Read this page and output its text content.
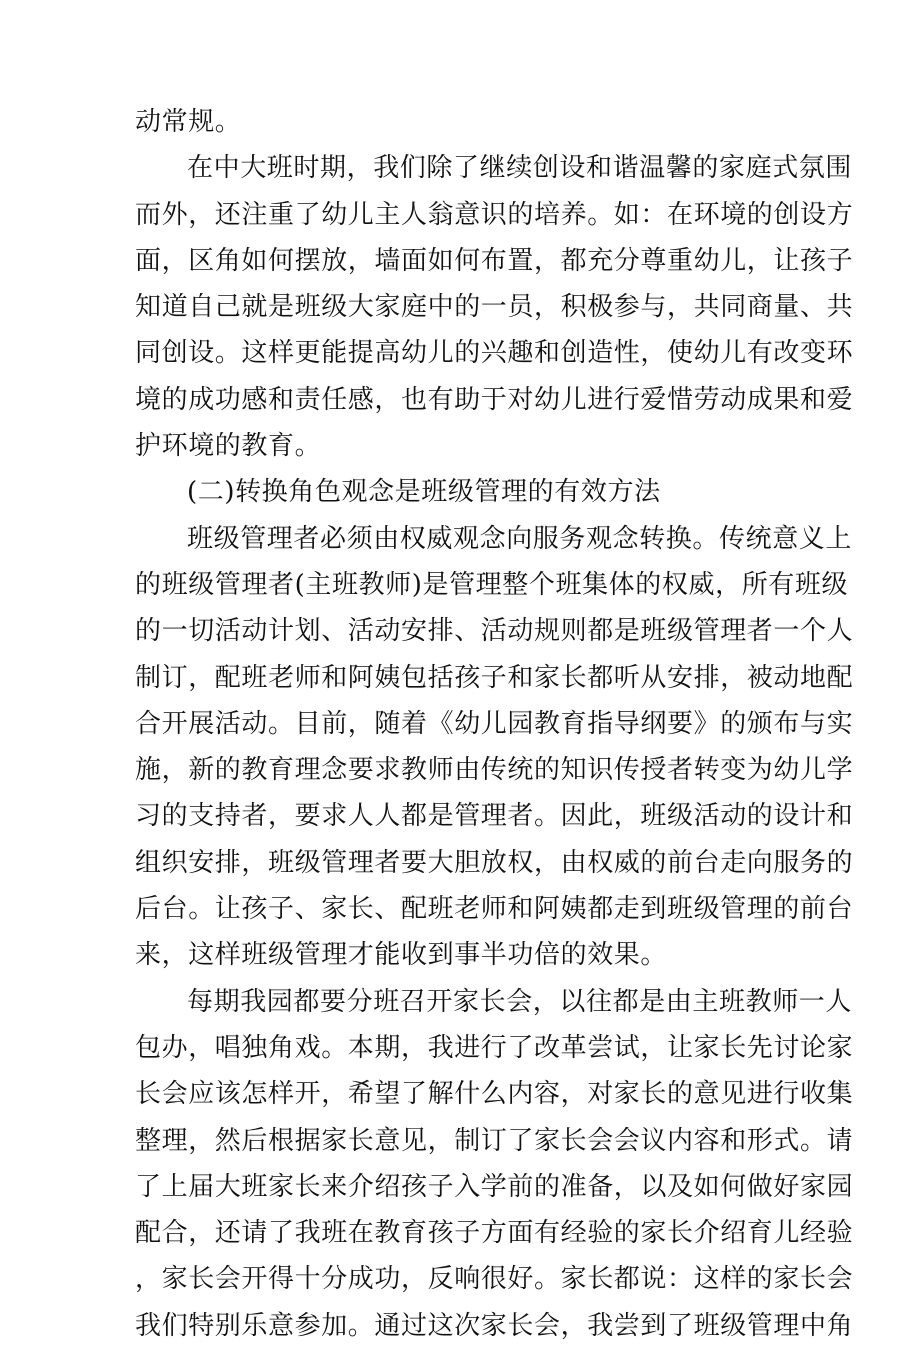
动常规。
在中大班时期，我们除了继续创设和谐温馨的家庭式氛围
而外，还注重了幼儿主人翁意识的培养。如：在环境的创设方
面，区角如何摆放，墙面如何布置，都充分尊重幼儿，让孩子
知道自己就是班级大家庭中的一员，积极参与，共同商量、共
同创设。这样更能提高幼儿的兴趣和创造性，使幼儿有改变环
境的成功感和责任感，也有助于对幼儿进行爱惜劳动成果和爱
护环境的教育。
(二)转换角色观念是班级管理的有效方法
班级管理者必须由权威观念向服务观念转换。传统意义上
的班级管理者(主班教师)是管理整个班集体的权威，所有班级
的一切活动计划、活动安排、活动规则都是班级管理者一个人
制订，配班老师和阿姨包括孩子和家长都听从安排，被动地配
合开展活动。目前，随着《幼儿园教育指导纲要》的颁布与实
施，新的教育理念要求教师由传统的知识传授者转变为幼儿学
习的支持者，要求人人都是管理者。因此，班级活动的设计和
组织安排，班级管理者要大胆放权，由权威的前台走向服务的
后台。让孩子、家长、配班老师和阿姨都走到班级管理的前台
来，这样班级管理才能收到事半功倍的效果。
每期我园都要分班召开家长会，以往都是由主班教师一人
包办，唱独角戏。本期，我进行了改革尝试，让家长先讨论家
长会应该怎样开，希望了解什么内容，对家长的意见进行收集
整理，然后根据家长意见，制订了家长会会议内容和形式。请
了上届大班家长来介绍孩子入学前的准备，以及如何做好家园
配合，还请了我班在教育孩子方面有经验的家长介绍育儿经验
，家长会开得十分成功，反响很好。家长都说：这样的家长会
我们特别乐意参加。通过这次家长会，我尝到了班级管理中角
